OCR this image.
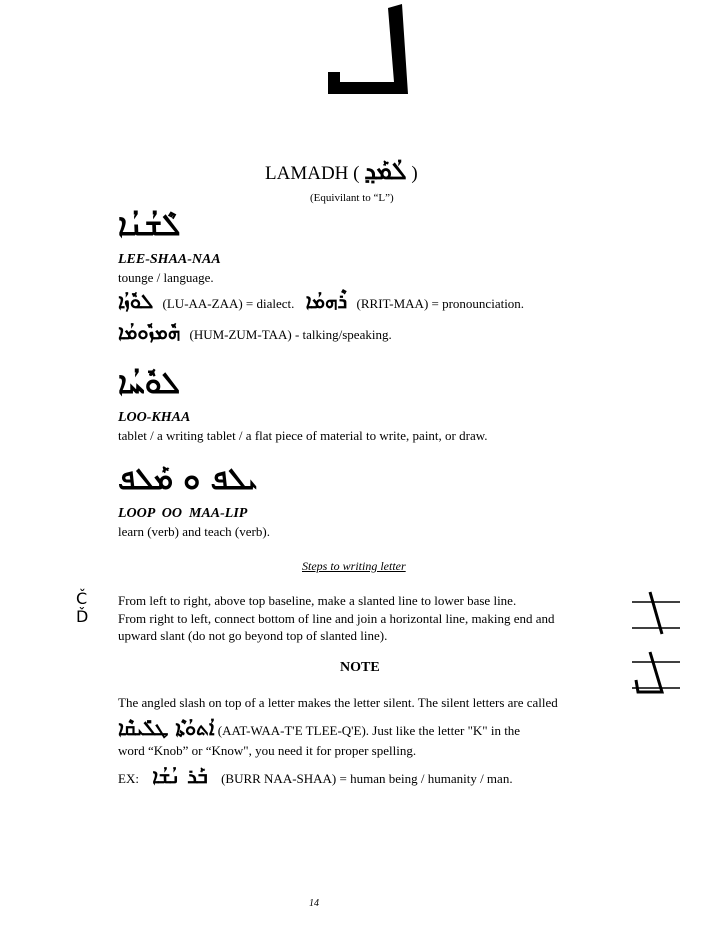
LAMADH ( ܠܳܡܰܕ݂ )
(Equivilant to “L”)
ܠܶܫܳܢܳܐ
LEE-SHAA-NAA
tounge / language.
ܠܘܽܙܳܐ (LU-AA-ZAA) = dialect. ܪܶܗܡܳܐ (RRIT-MAA) = pronounciation.
ܗܽܡܙܽܘܡܳܐ (HUM-ZUM-TAA) - talking/speaking.
ܠܘܽܚܳܐ
LOO-KHAA
tablet / a writing tablet / a flat piece of material to write, paint, or draw.
ܝܠܦ ܘ ܡܰܠܦ
LOOP  OO  MAA-LIP
learn (verb) and teach (verb).
Steps to writing letter
Č
Ď
From left to right, above top baseline, make a slanted line to lower base line.
From right to left, connect bottom of line and join a horizontal line, making end and
upward slant (do not go beyond top of slanted line).
NOTE
The angled slash on top of a letter makes the letter silent. The silent letters are called
ܐܳܬܘܳܬܶܐ ܛܠܺܝܩܶܐ (AAT-WAA-T'E TLEE-Q'E). Just like the letter "K" in the
word “Knob” or “Know", you need it for proper spelling.
EX: ܒܰܪ ܢܳܫܳܐ (BURR NAA-SHAA) = human being / humanity / man.
14
